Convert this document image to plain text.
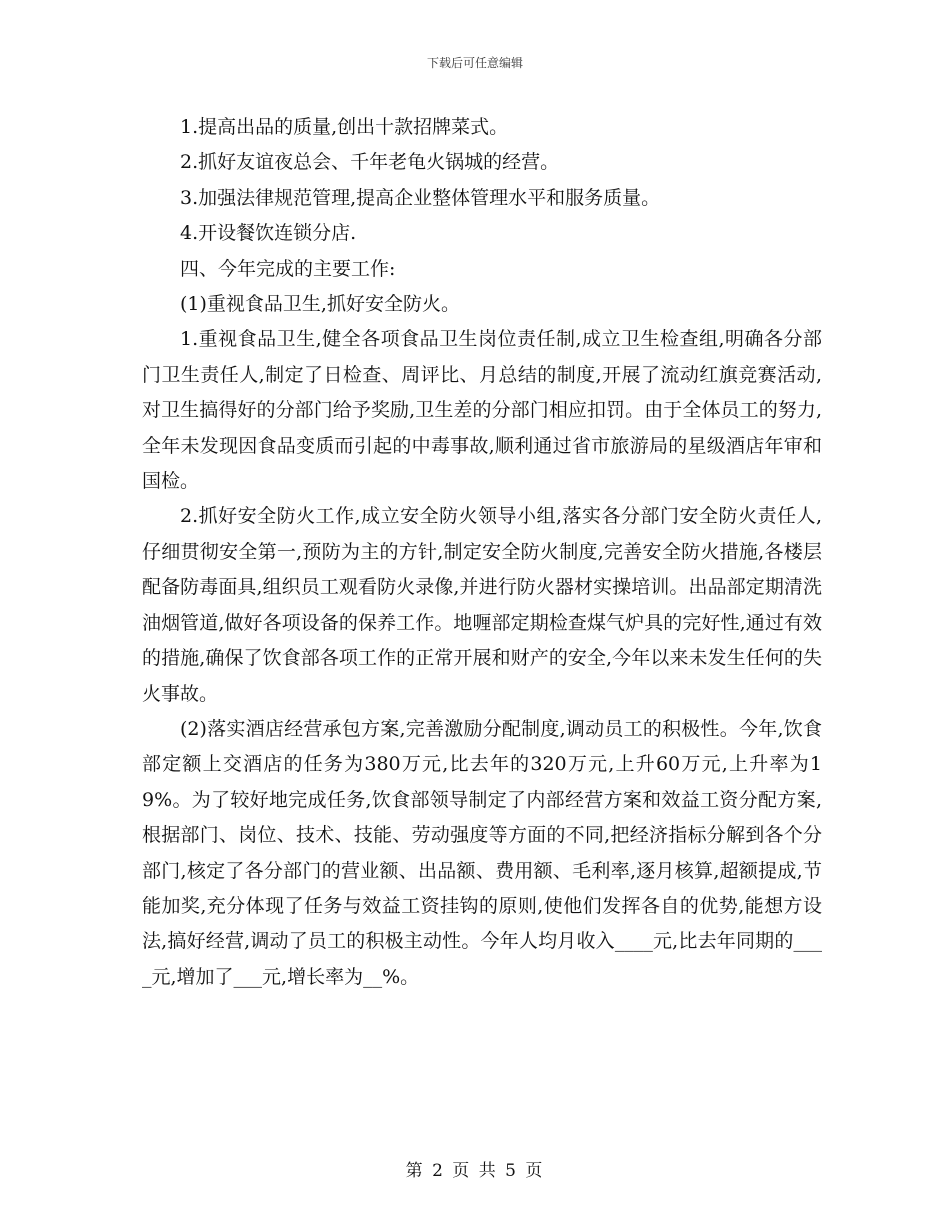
下载后可任意编辑

1.提高出品的质量,创出十款招牌菜式。

2.抓好友谊夜总会、千年老龟火锅城的经营。

3.加强法律规范管理,提高企业整体管理水平和服务质量。

4.开设餐饮连锁分店.

四、今年完成的主要工作:

(1)重视食品卫生,抓好安全防火。

1.重视食品卫生,健全各项食品卫生岗位责任制,成立卫生检查组,明确各分部门卫生责任人,制定了日检查、周评比、月总结的制度,开展了流动红旗竞赛活动,对卫生搞得好的分部门给予奖励,卫生差的分部门相应扣罚。由于全体员工的努力,全年未发现因食品变质而引起的中毒事故,顺利通过省市旅游局的星级酒店年审和国检。

2.抓好安全防火工作,成立安全防火领导小组,落实各分部门安全防火责任人,仔细贯彻安全第一,预防为主的方针,制定安全防火制度,完善安全防火措施,各楼层配备防毒面具,组织员工观看防火录像,并进行防火器材实操培训。出品部定期清洗油烟管道,做好各项设备的保养工作。地喱部定期检查煤气炉具的完好性,通过有效的措施,确保了饮食部各项工作的正常开展和财产的安全,今年以来未发生任何的失火事故。

(2)落实酒店经营承包方案,完善激励分配制度,调动员工的积极性。今年,饮食部定额上交酒店的任务为380万元,比去年的320万元,上升60万元,上升率为19%。为了较好地完成任务,饮食部领导制定了内部经营方案和效益工资分配方案,根据部门、岗位、技术、技能、劳动强度等方面的不同,把经济指标分解到各个分部门,核定了各分部门的营业额、出品额、费用额、毛利率,逐月核算,超额提成,节能加奖,充分体现了任务与效益工资挂钩的原则,使他们发挥各自的优势,能想方设法,搞好经营,调动了员工的积极主动性。今年人均月收入____元,比去年同期的____元,增加了___元,增长率为__%。

第 2 页 共 5 页
